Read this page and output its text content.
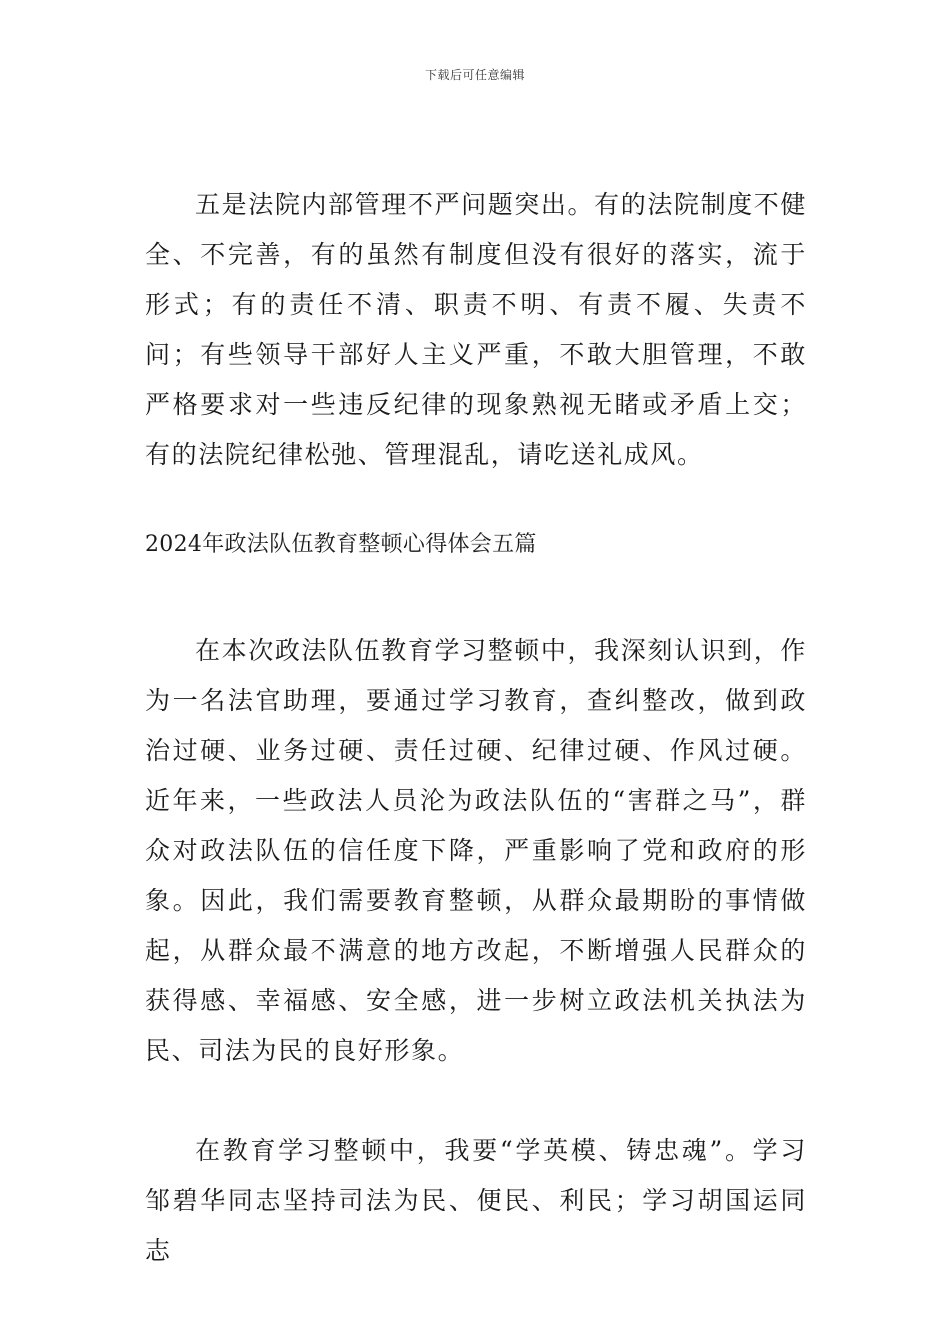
下载后可任意编辑

五是法院内部管理不严问题突出。有的法院制度不健全、不完善，有的虽然有制度但没有很好的落实，流于形式；有的责任不清、职责不明、有责不履、失责不问；有些领导干部好人主义严重，不敢大胆管理，不敢严格要求对一些违反纪律的现象熟视无睹或矛盾上交；有的法院纪律松弛、管理混乱，请吃送礼成风。

2024年政法队伍教育整顿心得体会五篇

在本次政法队伍教育学习整顿中，我深刻认识到，作为一名法官助理，要通过学习教育，查纠整改，做到政治过硬、业务过硬、责任过硬、纪律过硬、作风过硬。近年来，一些政法人员沦为政法队伍的“害群之马”，群众对政法队伍的信任度下降，严重影响了党和政府的形象。因此，我们需要教育整顿，从群众最期盼的事情做起，从群众最不满意的地方改起，不断增强人民群众的获得感、幸福感、安全感，进一步树立政法机关执法为民、司法为民的良好形象。

在教育学习整顿中，我要“学英模、铸忠魂”。学习邹碧华同志坚持司法为民、便民、利民；学习胡国运同志
